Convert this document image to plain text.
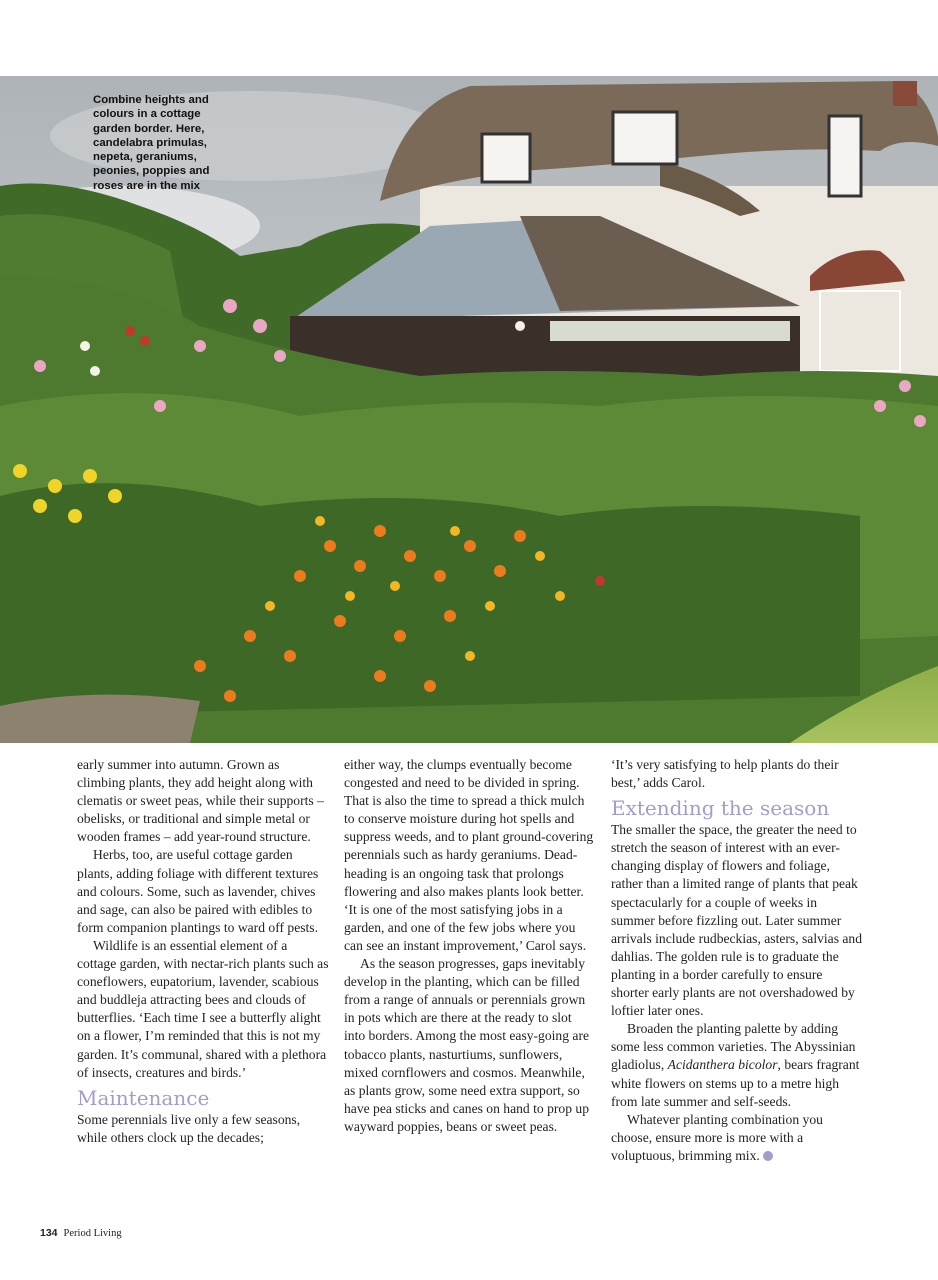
Combine heights and colours in a cottage garden border. Here, candelabra primulas, nepeta, geraniums, peonies, poppies and roses are in the mix

early summer into autumn. Grown as climbing plants, they add height along with clematis or sweet peas, while their supports – obelisks, or traditional and simple metal or wooden frames – add year-round structure.

Herbs, too, are useful cottage garden plants, adding foliage with different textures and colours. Some, such as lavender, chives and sage, can also be paired with edibles to form companion plantings to ward off pests.

Wildlife is an essential element of a cottage garden, with nectar-rich plants such as coneflowers, eupatorium, lavender, scabious and buddleja attracting bees and clouds of butterflies. ‘Each time I see a butterfly alight on a flower, I’m reminded that this is not my garden. It’s communal, shared with a plethora of insects, creatures and birds.’

Maintenance

Some perennials live only a few seasons, while others clock up the decades;

either way, the clumps eventually become congested and need to be divided in spring. That is also the time to spread a thick mulch to conserve moisture during hot spells and suppress weeds, and to plant ground-covering perennials such as hardy geraniums. Dead-heading is an ongoing task that prolongs flowering and also makes plants look better. ‘It is one of the most satisfying jobs in a garden, and one of the few jobs where you can see an instant improvement,’ Carol says.

As the season progresses, gaps inevitably develop in the planting, which can be filled from a range of annuals or perennials grown in pots which are there at the ready to slot into borders. Among the most easy-going are tobacco plants, nasturtiums, sunflowers, mixed cornflowers and cosmos. Meanwhile, as plants grow, some need extra support, so have pea sticks and canes on hand to prop up wayward poppies, beans or sweet peas.

‘It’s very satisfying to help plants do their best,’ adds Carol.

Extending the season

The smaller the space, the greater the need to stretch the season of interest with an ever-changing display of flowers and foliage, rather than a limited range of plants that peak spectacularly for a couple of weeks in summer before fizzling out. Later summer arrivals include rudbeckias, asters, salvias and dahlias. The golden rule is to graduate the planting in a border carefully to ensure shorter early plants are not overshadowed by loftier later ones.

Broaden the planting palette by adding some less common varieties. The Abyssinian gladiolus, Acidanthera bicolor, bears fragrant white flowers on stems up to a metre high from late summer and self-seeds.

Whatever planting combination you choose, ensure more is more with a voluptuous, brimming mix.

134 Period Living
